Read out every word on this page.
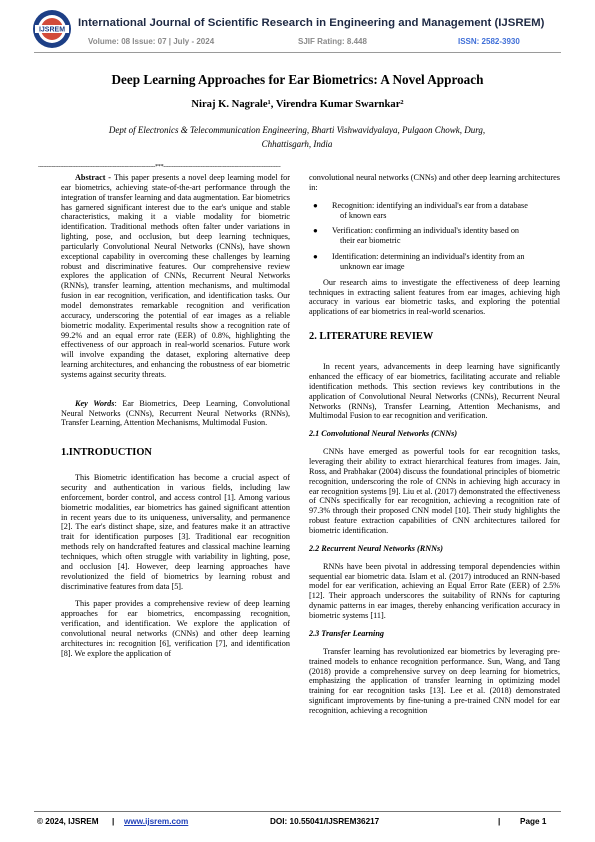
IJSREM
International Journal of Scientific Research in Engineering and Management (IJSREM)
Volume: 08 Issue: 07 | July - 2024	SJIF Rating: 8.448	ISSN: 2582-3930
Deep Learning Approaches for Ear Biometrics: A Novel Approach
Niraj K. Nagrale¹, Virendra Kumar Swarnkar²
Dept of Electronics & Telecommunication Engineering, Bharti Vishwavidyalaya, Pulgaon Chowk, Durg,
Chhattisgarh, India
---------------------------------------------------------------------***---------------------------------------------------------------------

Abstract - This paper presents a novel deep learning model for ear biometrics, achieving state-of-the-art performance through the integration of transfer learning and data augmentation. Ear biometrics has garnered significant interest due to the ear's unique and stable characteristics, making it a viable modality for biometric identification. Traditional methods often falter under variations in lighting, pose, and occlusion, but deep learning techniques, particularly Convolutional Neural Networks (CNNs), have shown exceptional capability in overcoming these challenges by learning robust and discriminative features. Our comprehensive review explores the application of CNNs, Recurrent Neural Networks (RNNs), transfer learning, attention mechanisms, and multimodal fusion in ear recognition, verification, and identification tasks. Our model demonstrates remarkable recognition and verification accuracy, underscoring the potential of ear images as a reliable biometric modality. Experimental results show a recognition rate of 99.2% and an equal error rate (EER) of 0.8%, highlighting the effectiveness of our approach in real-world scenarios. Future work will involve expanding the dataset, exploring alternative deep learning architectures, and enhancing the robustness of ear biometric systems against security threats.

Key Words: Ear Biometrics, Deep Learning, Convolutional Neural Networks (CNNs), Recurrent Neural Networks (RNNs), Transfer Learning, Attention Mechanisms, Multimodal Fusion.

1.INTRODUCTION

This Biometric identification has become a crucial aspect of security and authentication in various fields, including law enforcement, border control, and access control [1]. Among various biometric modalities, ear biometrics has gained significant attention in recent years due to its uniqueness, universality, and permanence [2]. The ear's distinct shape, size, and features make it an attractive trait for identification purposes [3]. Traditional ear recognition methods rely on handcrafted features and classical machine learning techniques, which often struggle with variability in lighting, pose, and occlusion [4]. However, deep learning approaches have revolutionized the field of biometrics by learning robust and discriminative features from data [5].

This paper provides a comprehensive review of deep learning approaches for ear biometrics, encompassing recognition, verification, and identification. We explore the application of convolutional neural networks (CNNs) and other deep learning architectures in: recognition [6], verification [7], and identification [8]. We explore the application of

convolutional neural networks (CNNs) and other deep learning architectures in:

● Recognition: identifying an individual's ear from a database
of known ears
● Verification: confirming an individual's identity based on
their ear biometric
● Identification: determining an individual's identity from an
unknown ear image

Our research aims to investigate the effectiveness of deep learning techniques in extracting salient features from ear images, achieving high accuracy in various ear biometric tasks, and exploring the potential applications of ear biometrics in real-world scenarios.

2. LITERATURE REVIEW

In recent years, advancements in deep learning have significantly enhanced the efficacy of ear biometrics, facilitating accurate and reliable identification methods. This section reviews key contributions in the application of Convolutional Neural Networks (CNNs), Recurrent Neural Networks (RNNs), Transfer Learning, Attention Mechanisms, and Multimodal Fusion to ear recognition and verification.

2.1 Convolutional Neural Networks (CNNs)

CNNs have emerged as powerful tools for ear recognition tasks, leveraging their ability to extract hierarchical features from images. Jain, Ross, and Prabhakar (2004) discuss the foundational principles of biometric recognition, underscoring the role of CNNs in achieving high accuracy in ear recognition systems [9]. Liu et al. (2017) demonstrated the effectiveness of CNNs specifically for ear recognition, achieving a recognition rate of 97.3% through their proposed CNN model [10]. Their study highlights the robust feature extraction capabilities of CNN architectures tailored for biometric identification.

2.2 Recurrent Neural Networks (RNNs)

RNNs have been pivotal in addressing temporal dependencies within sequential ear biometric data. Islam et al. (2017) introduced an RNN-based model for ear verification, achieving an Equal Error Rate (EER) of 2.5% [12]. Their approach underscores the suitability of RNNs for capturing dynamic patterns in ear images, thereby enhancing verification accuracy in biometric systems [11].

2.3 Transfer Learning

Transfer learning has revolutionized ear biometrics by leveraging pre-trained models to enhance recognition performance. Sun, Wang, and Tang (2018) provide a comprehensive survey on deep learning for biometrics, emphasizing the application of transfer learning in optimizing model training for ear recognition tasks [13]. Lee et al. (2018) demonstrated significant improvements by fine-tuning a pre-trained CNN model for ear recognition, achieving a recognition

© 2024, IJSREM | www.ijsrem.com	DOI: 10.55041/IJSREM36217	| Page 1
